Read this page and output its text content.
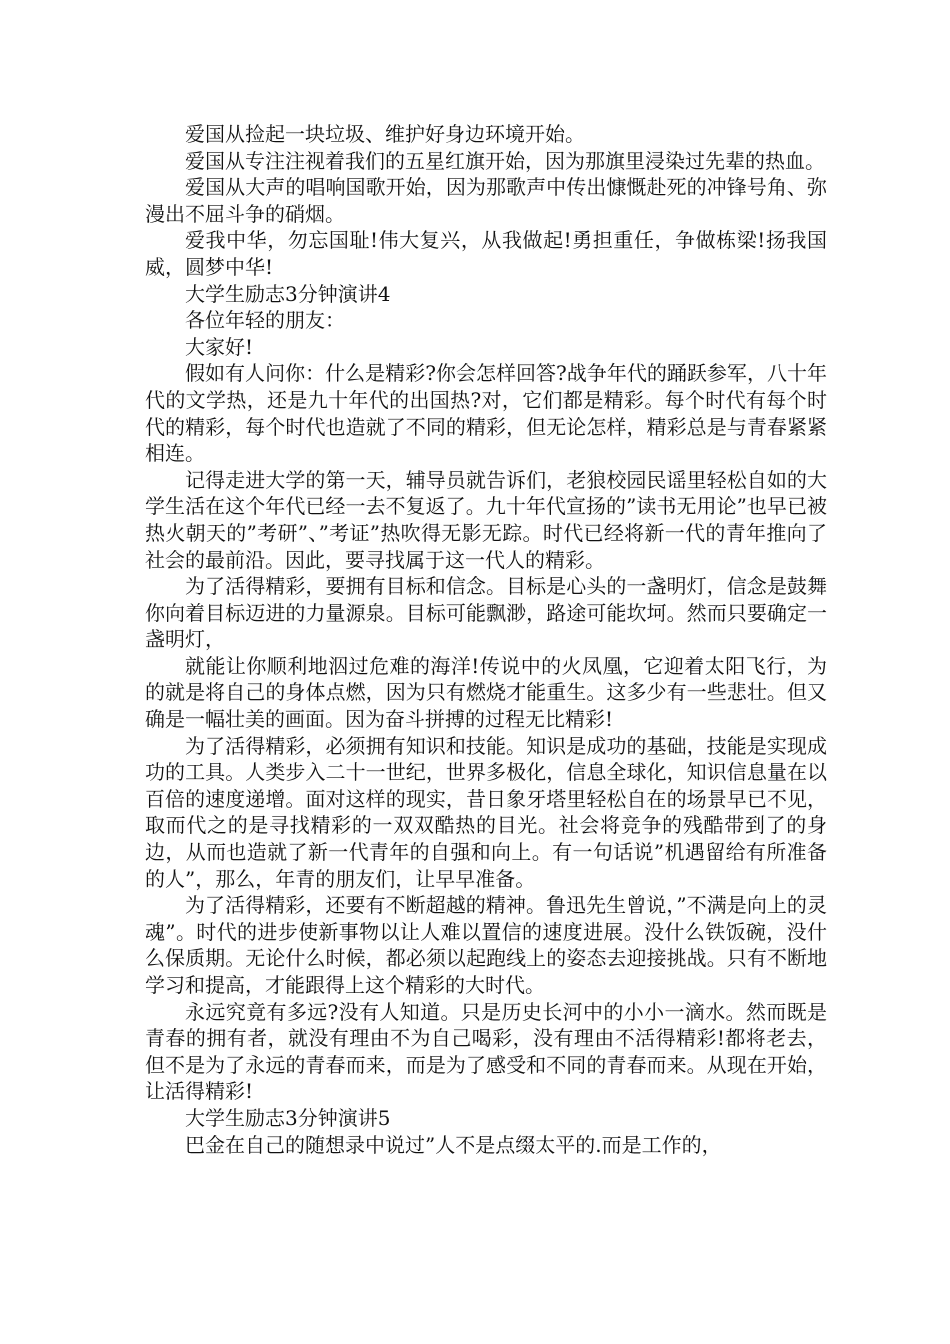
爱国从捡起一块垃圾、维护好身边环境开始。

爱国从专注注视着我们的五星红旗开始，因为那旗里浸染过先辈的热血。

爱国从大声的唱响国歌开始，因为那歌声中传出慷慨赴死的冲锋号角、弥漫出不屈斗争的硝烟。

爱我中华，勿忘国耻!伟大复兴，从我做起!勇担重任，争做栋梁!扬我国威，圆梦中华!

大学生励志3分钟演讲4

各位年轻的朋友：

大家好!

假如有人问你：什么是精彩?你会怎样回答?战争年代的踊跃参军，八十年代的文学热，还是九十年代的出国热?对，它们都是精彩。每个时代有每个时代的精彩，每个时代也造就了不同的精彩，但无论怎样，精彩总是与青春紧紧相连。

记得走进大学的第一天，辅导员就告诉们，老狼校园民谣里轻松自如的大学生活在这个年代已经一去不复返了。九十年代宣扬的”读书无用论”也早已被热火朝天的”考研”、”考证”热吹得无影无踪。时代已经将新一代的青年推向了社会的最前沿。因此，要寻找属于这一代人的精彩。

为了活得精彩，要拥有目标和信念。目标是心头的一盏明灯，信念是鼓舞你向着目标迈进的力量源泉。目标可能飘渺，路途可能坎坷。然而只要确定一盏明灯，

就能让你顺利地泅过危难的海洋!传说中的火凤凰，它迎着太阳飞行，为的就是将自己的身体点燃，因为只有燃烧才能重生。这多少有一些悲壮。但又确是一幅壮美的画面。因为奋斗拼搏的过程无比精彩!

为了活得精彩，必须拥有知识和技能。知识是成功的基础，技能是实现成功的工具。人类步入二十一世纪，世界多极化，信息全球化，知识信息量在以百倍的速度递增。面对这样的现实，昔日象牙塔里轻松自在的场景早已不见，取而代之的是寻找精彩的一双双酷热的目光。社会将竞争的残酷带到了的身边，从而也造就了新一代青年的自强和向上。有一句话说”机遇留给有所准备的人”，那么，年青的朋友们，让早早准备。

为了活得精彩，还要有不断超越的精神。鲁迅先生曾说，”不满是向上的灵魂”。时代的进步使新事物以让人难以置信的速度进展。没什么铁饭碗，没什么保质期。无论什么时候，都必须以起跑线上的姿态去迎接挑战。只有不断地学习和提高，才能跟得上这个精彩的大时代。

永远究竟有多远?没有人知道。只是历史长河中的小小一滴水。然而既是青春的拥有者，就没有理由不为自己喝彩，没有理由不活得精彩!都将老去，但不是为了永远的青春而来，而是为了感受和不同的青春而来。从现在开始，让活得精彩!

大学生励志3分钟演讲5

巴金在自己的随想录中说过”人不是点缀太平的.而是工作的，
